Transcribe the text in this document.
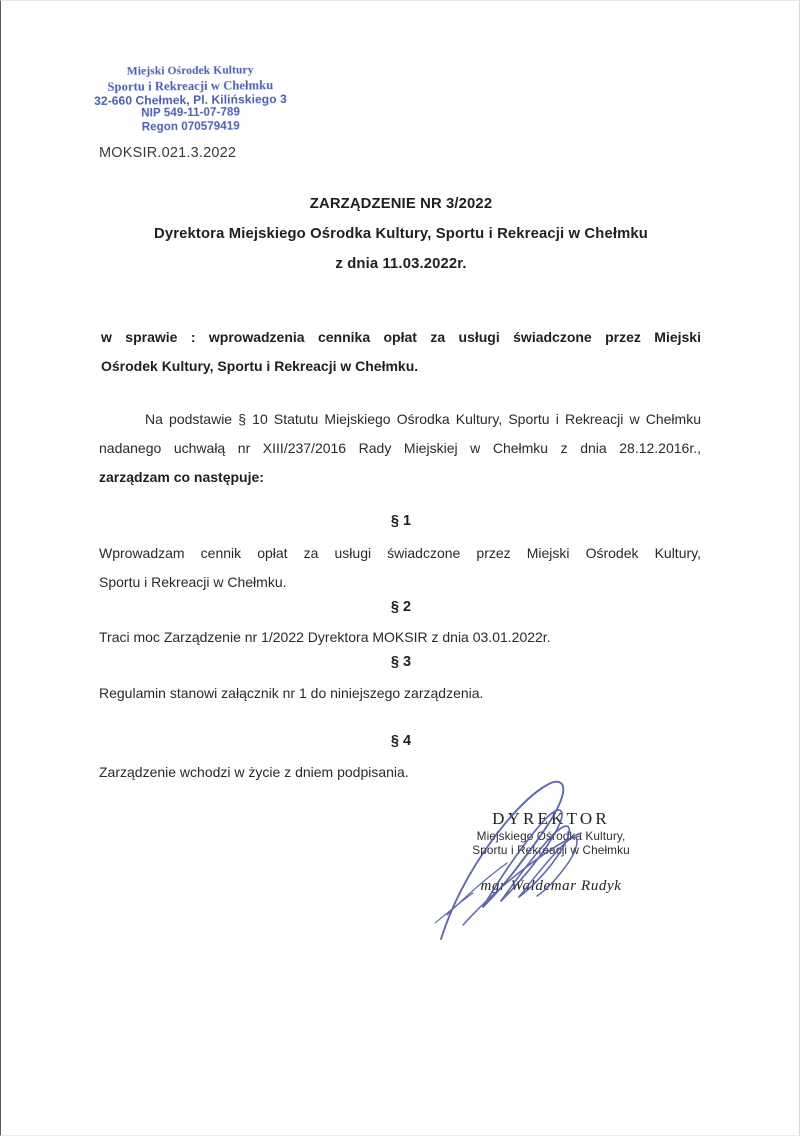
Miejski Ośrodek Kultury
Sportu i Rekreacji w Chełmku
32-660 Chełmek, Pl. Kilińskiego 3
NIP 549-11-07-789
Regon 070579419
MOKSIR.021.3.2022
ZARZĄDZENIE NR 3/2022
Dyrektora Miejskiego Ośrodka Kultury, Sportu i Rekreacji w Chełmku
z dnia 11.03.2022r.
w sprawie : wprowadzenia cennika opłat za usługi świadczone przez Miejski
Ośrodek Kultury, Sportu i Rekreacji w Chełmku.
Na podstawie § 10 Statutu Miejskiego Ośrodka Kultury, Sportu i Rekreacji w Chełmku
nadanego uchwałą nr XIII/237/2016 Rady Miejskiej w Chełmku z dnia 28.12.2016r.,
zarządzam co następuje:
§ 1
Wprowadzam cennik opłat za usługi świadczone przez Miejski Ośrodek Kultury,
Sportu i Rekreacji w Chełmku.
§ 2
Traci moc Zarządzenie nr 1/2022 Dyrektora MOKSIR z dnia 03.01.2022r.
§ 3
Regulamin stanowi załącznik nr 1 do niniejszego zarządzenia.
§ 4
Zarządzenie wchodzi w życie z dniem podpisania.
DYREKTOR
Miejskiego Ośrodka Kultury,
Sportu i Rekreacji w Chełmku
mgr Waldemar Rudyk
